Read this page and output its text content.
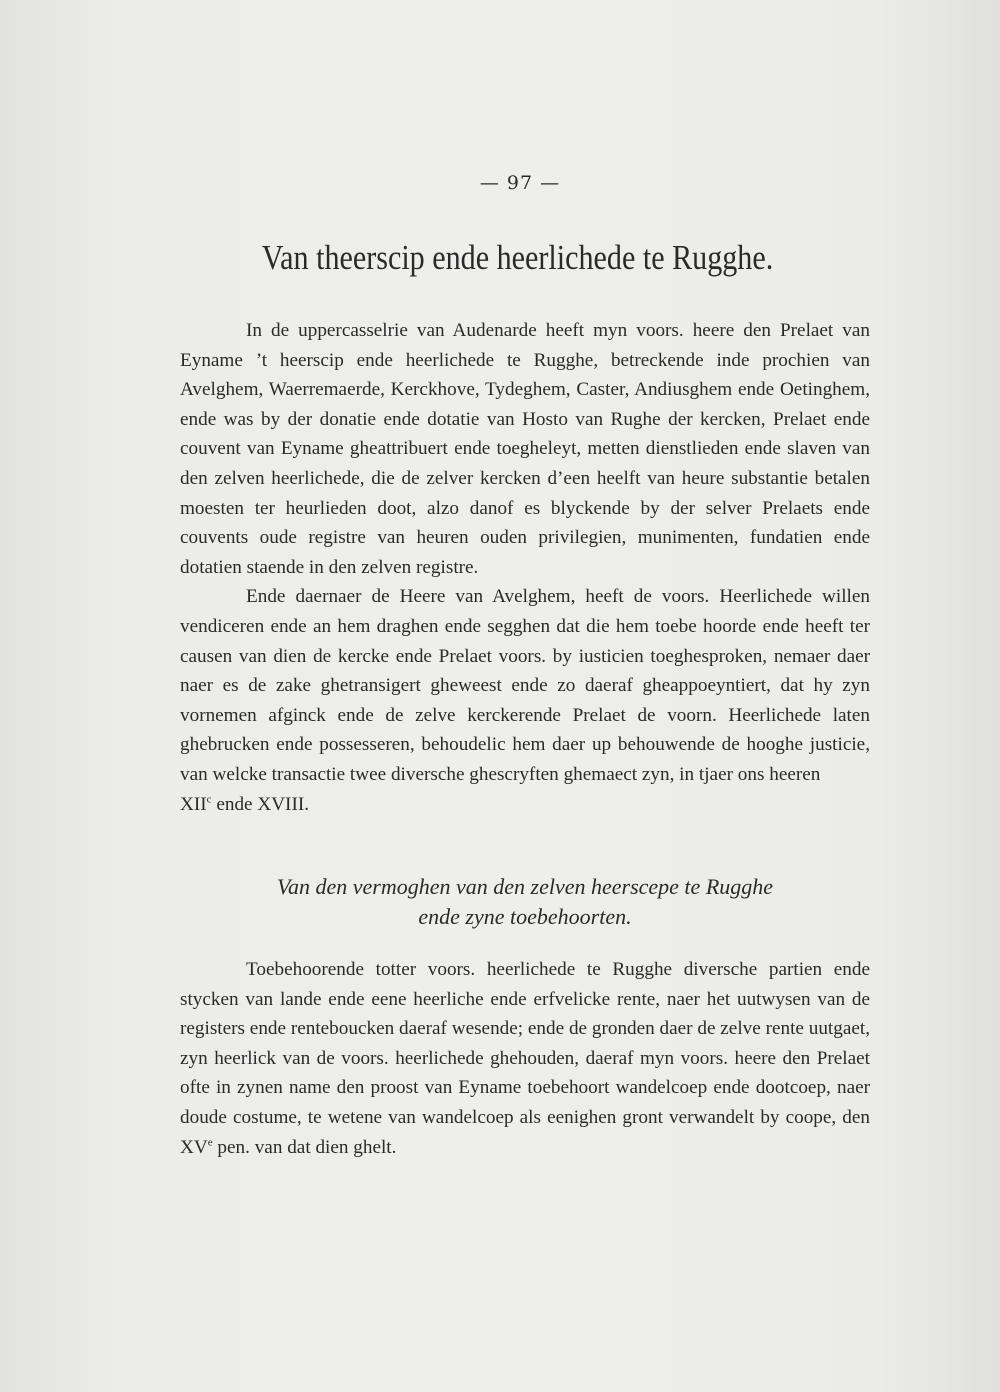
— 97 —
Van theerscip ende heerlichede te Rugghe.

In de uppercasselrie van Audenarde heeft myn voors. heere den Prelaet van Eyname ’t heerscip ende heerlichede te Rugghe, betreckende inde prochien van Avelghem, Waerremaerde, Kerckhove, Tydeghem, Caster, Andiusghem ende Oetinghem, ende was by der donatie ende dotatie van Hosto van Rughe der kercken, Prelaet ende couvent van Eyname gheattribuert ende toegheleyt, metten dienstlieden ende slaven van den zelven heerlichede, die de zelver kercken d’een heelft van heure substantie betalen moesten ter heurlieden doot, alzo danof es blyckende by der selver Prelaets ende couvents oude registre van heuren ouden privilegien, munimenten, fundatien ende dotatien staende in den zelven registre.

Ende daernaer de Heere van Avelghem, heeft de voors. Heerlichede willen vendiceren ende an hem draghen ende segghen dat die hem toebe hoorde ende heeft ter causen van dien de kercke ende Prelaet voors. by iusticien toeghesproken, nemaer daer naer es de zake ghetransigert gheweest ende zo daeraf gheappoeyntiert, dat hy zyn vornemen afginck ende de zelve kerckerende Prelaet de voorn. Heerlichede laten ghebrucken ende possesseren, behoudelic hem daer up behouwende de hooghe justicie, van welcke transactie twee diversche ghescryften ghemaect zyn, in tjaer ons heeren

XII$^c$ ende XVIII.

Van den vermoghen van den zelven heerscepe te Rugghe
ende zyne toebehoorten.

Toebehoorende totter voors. heerlichede te Rugghe diversche partien ende stycken van lande ende eene heerliche ende erfvelicke rente, naer het uutwysen van de registers ende renteboucken daeraf wesende; ende de gronden daer de zelve rente uutgaet, zyn heerlick van de voors. heerlichede ghehouden, daeraf myn voors. heere den Prelaet ofte in zynen name den proost van Eyname toebehoort wandelcoep ende dootcoep, naer doude costume, te wetene van wandelcoep als eenighen gront verwandelt by coope, den XVe pen. van dat dien ghelt.
